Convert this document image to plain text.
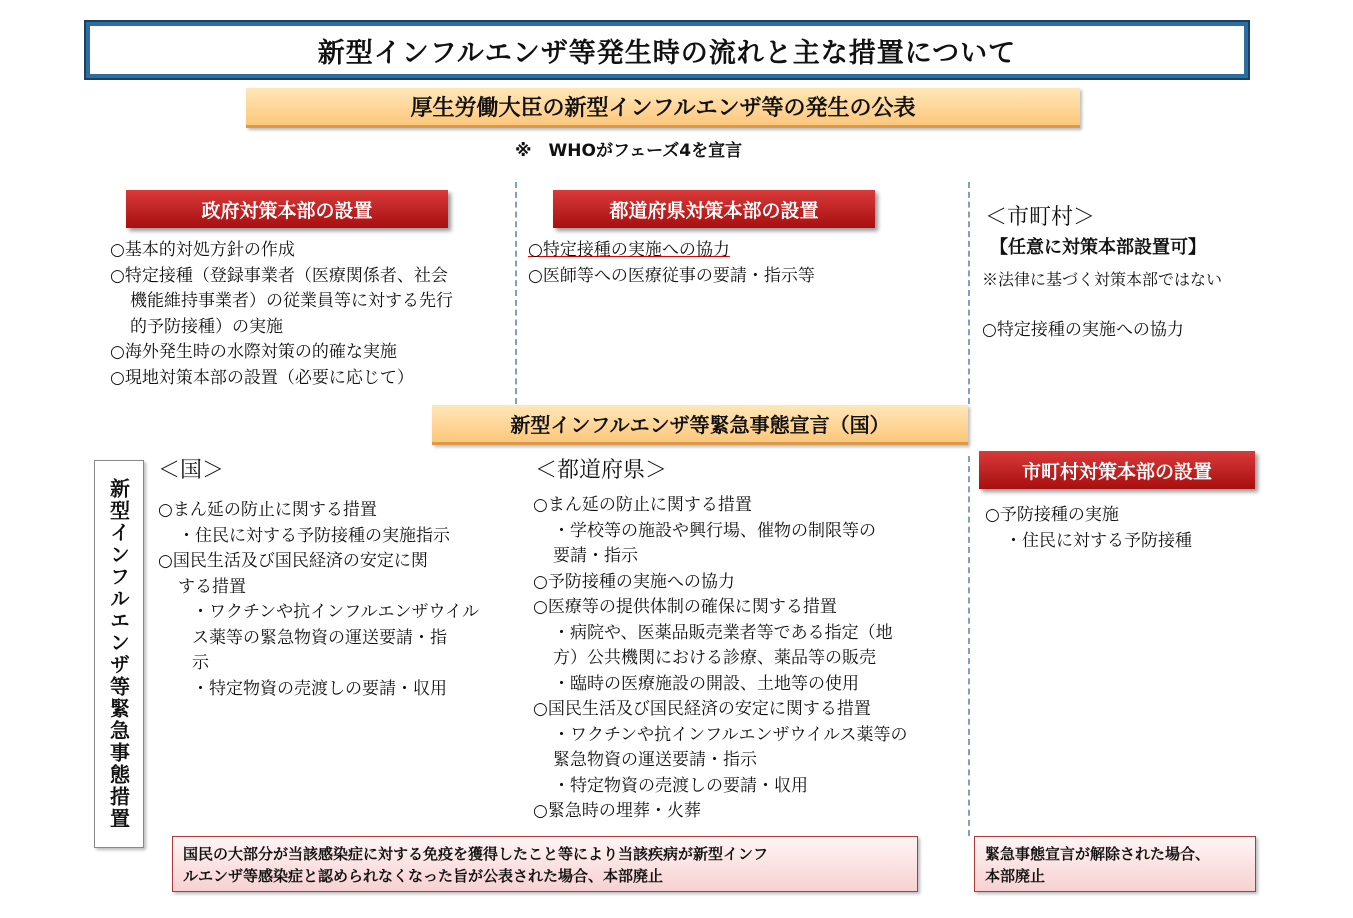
新型インフルエンザ等発生時の流れと主な措置について
厚生労働大臣の新型インフルエンザ等の発生の公表
※　WHOがフェーズ4を宣言
政府対策本部の設置
○基本的対処方針の作成
○特定接種（登録事業者（医療関係者、社会
機能維持事業者）の従業員等に対する先行
的予防接種）の実施
○海外発生時の水際対策の的確な実施
○現地対策本部の設置（必要に応じて）
都道府県対策本部の設置
○特定接種の実施への協力
○医師等への医療従事の要請・指示等
＜市町村＞
【任意に対策本部設置可】
※法律に基づく対策本部ではない
○特定接種の実施への協力
新型インフルエンザ等緊急事態宣言（国）
新型インフルエンザ等緊急事態措置
＜国＞
○まん延の防止に関する措置
・住民に対する予防接種の実施指示
○国民生活及び国民経済の安定に関
する措置
・ワクチンや抗インフルエンザウイル
ス薬等の緊急物資の運送要請・指
示
・特定物資の売渡しの要請・収用
＜都道府県＞
○まん延の防止に関する措置
・学校等の施設や興行場、催物の制限等の
要請・指示
○予防接種の実施への協力
○医療等の提供体制の確保に関する措置
・病院や、医薬品販売業者等である指定（地
方）公共機関における診療、薬品等の販売
・臨時の医療施設の開設、土地等の使用
○国民生活及び国民経済の安定に関する措置
・ワクチンや抗インフルエンザウイルス薬等の
緊急物資の運送要請・指示
・特定物資の売渡しの要請・収用
○緊急時の埋葬・火葬
市町村対策本部の設置
○予防接種の実施
・住民に対する予防接種
国民の大部分が当該感染症に対する免疫を獲得したこと等により当該疾病が新型インフ
ルエンザ等感染症と認められなくなった旨が公表された場合、本部廃止
緊急事態宣言が解除された場合、
本部廃止
